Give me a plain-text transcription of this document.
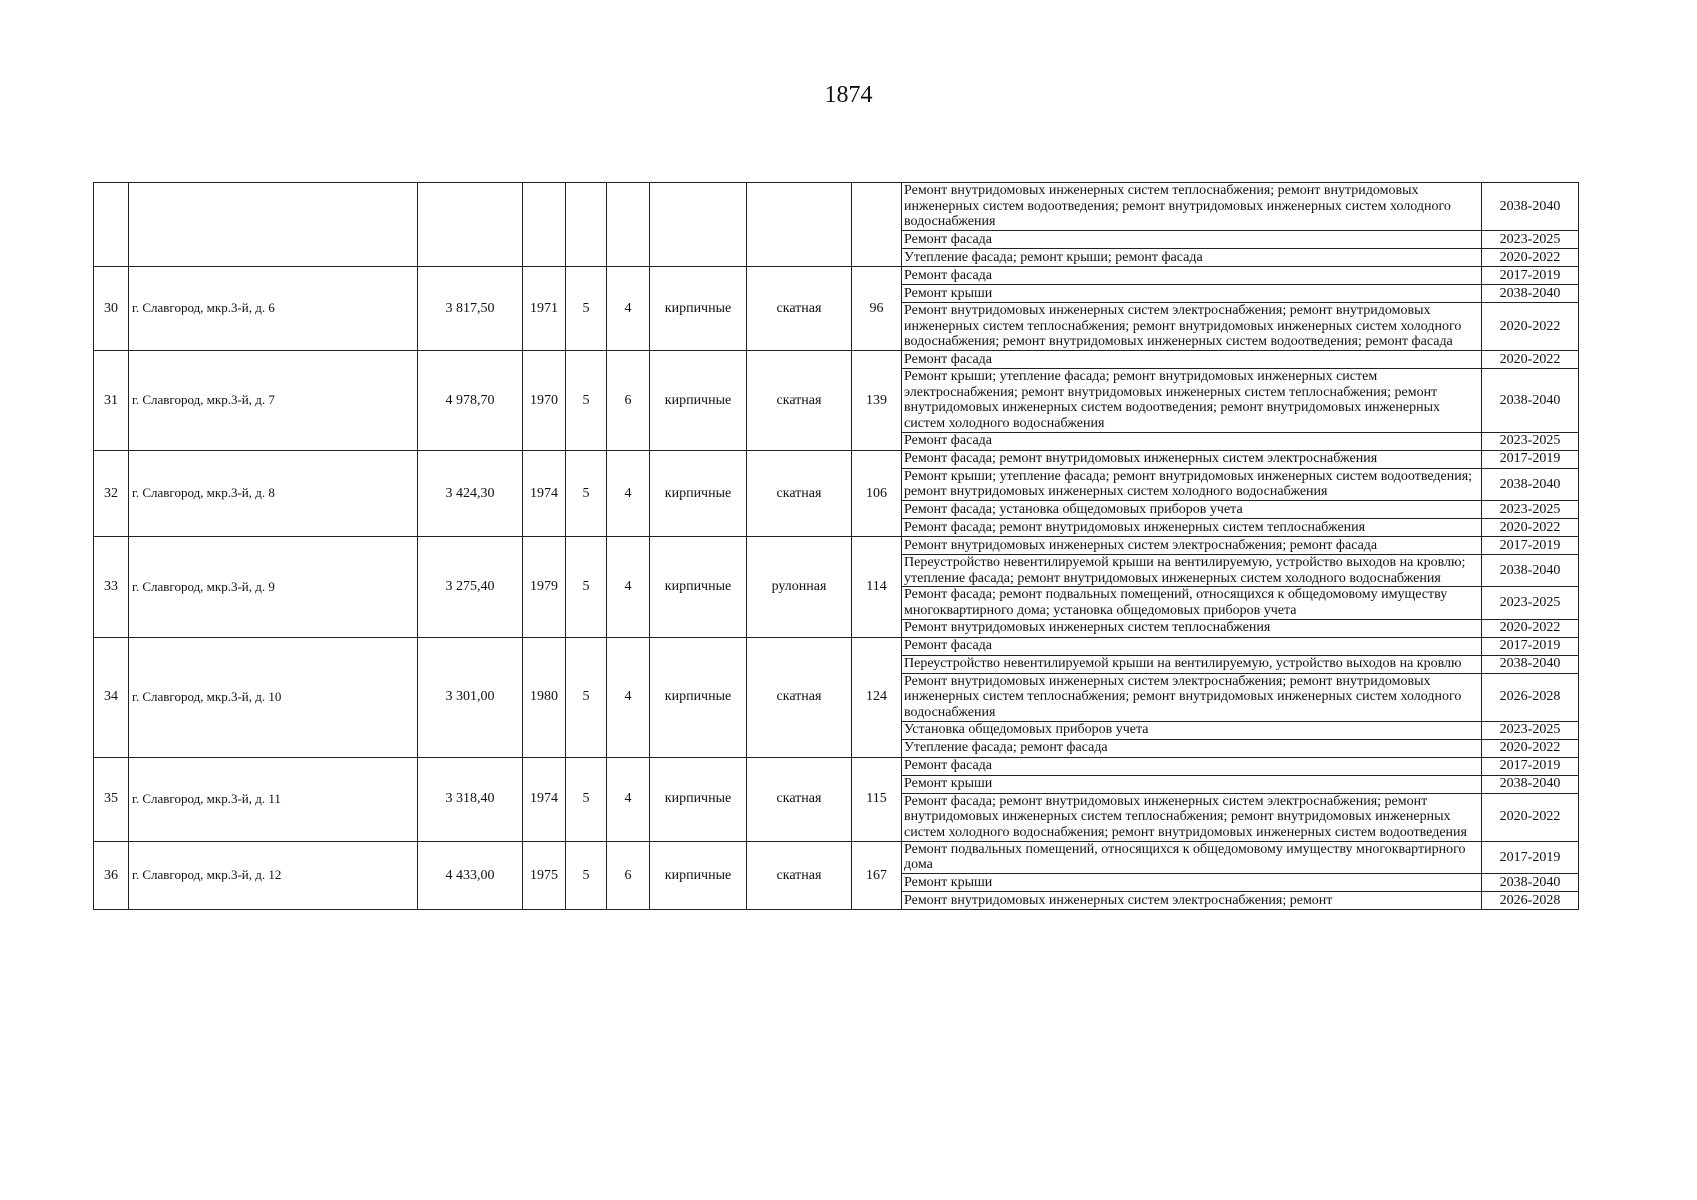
1874
									Ремонт внутридомовых инженерных систем теплоснабжения; ремонт внутридомовых инженерных систем водоотведения; ремонт внутридомовых инженерных систем холодного водоснабжения	2038-2040
									Ремонт фасада	2023-2025
									Утепление фасада; ремонт крыши; ремонт фасада	2020-2022
30	г. Славгород, мкр.3-й, д. 6	3 817,50	1971	5	4	кирпичные	скатная	96	Ремонт фасада	2017-2019
									Ремонт крыши	2038-2040
									Ремонт внутридомовых инженерных систем электроснабжения; ремонт внутридомовых инженерных систем теплоснабжения; ремонт внутридомовых инженерных систем холодного водоснабжения; ремонт внутридомовых инженерных систем водоотведения; ремонт фасада	2020-2022
31	г. Славгород, мкр.3-й, д. 7	4 978,70	1970	5	6	кирпичные	скатная	139	Ремонт фасада	2020-2022
									Ремонт крыши; утепление фасада; ремонт внутридомовых инженерных систем электроснабжения; ремонт внутридомовых инженерных систем теплоснабжения; ремонт внутридомовых инженерных систем водоотведения; ремонт внутридомовых инженерных систем холодного водоснабжения	2038-2040
									Ремонт фасада	2023-2025
32	г. Славгород, мкр.3-й, д. 8	3 424,30	1974	5	4	кирпичные	скатная	106	Ремонт фасада; ремонт внутридомовых инженерных систем электроснабжения	2017-2019
									Ремонт крыши; утепление фасада; ремонт внутридомовых инженерных систем водоотведения; ремонт внутридомовых инженерных систем холодного водоснабжения	2038-2040
									Ремонт фасада; установка общедомовых приборов учета	2023-2025
									Ремонт фасада; ремонт внутридомовых инженерных систем теплоснабжения	2020-2022
33	г. Славгород, мкр.3-й, д. 9	3 275,40	1979	5	4	кирпичные	рулонная	114	Ремонт внутридомовых инженерных систем электроснабжения; ремонт фасада	2017-2019
									Переустройство невентилируемой крыши на вентилируемую, устройство выходов на кровлю; утепление фасада; ремонт внутридомовых инженерных систем холодного водоснабжения	2038-2040
									Ремонт фасада; ремонт подвальных помещений, относящихся к общедомовому имуществу многоквартирного дома; установка общедомовых приборов учета	2023-2025
									Ремонт внутридомовых инженерных систем теплоснабжения	2020-2022
34	г. Славгород, мкр.3-й, д. 10	3 301,00	1980	5	4	кирпичные	скатная	124	Ремонт фасада	2017-2019
									Переустройство невентилируемой крыши на вентилируемую, устройство выходов на кровлю	2038-2040
									Ремонт внутридомовых инженерных систем электроснабжения; ремонт внутридомовых инженерных систем теплоснабжения; ремонт внутридомовых инженерных систем холодного водоснабжения	2026-2028
									Установка общедомовых приборов учета	2023-2025
									Утепление фасада; ремонт фасада	2020-2022
35	г. Славгород, мкр.3-й, д. 11	3 318,40	1974	5	4	кирпичные	скатная	115	Ремонт фасада	2017-2019
									Ремонт крыши	2038-2040
									Ремонт фасада; ремонт внутридомовых инженерных систем электроснабжения; ремонт внутридомовых инженерных систем теплоснабжения; ремонт внутридомовых инженерных систем холодного водоснабжения; ремонт внутридомовых инженерных систем водоотведения	2020-2022
36	г. Славгород, мкр.3-й, д. 12	4 433,00	1975	5	6	кирпичные	скатная	167	Ремонт подвальных помещений, относящихся к общедомовому имуществу многоквартирного дома	2017-2019
									Ремонт крыши	2038-2040
									Ремонт внутридомовых инженерных систем электроснабжения; ремонт	2026-2028
